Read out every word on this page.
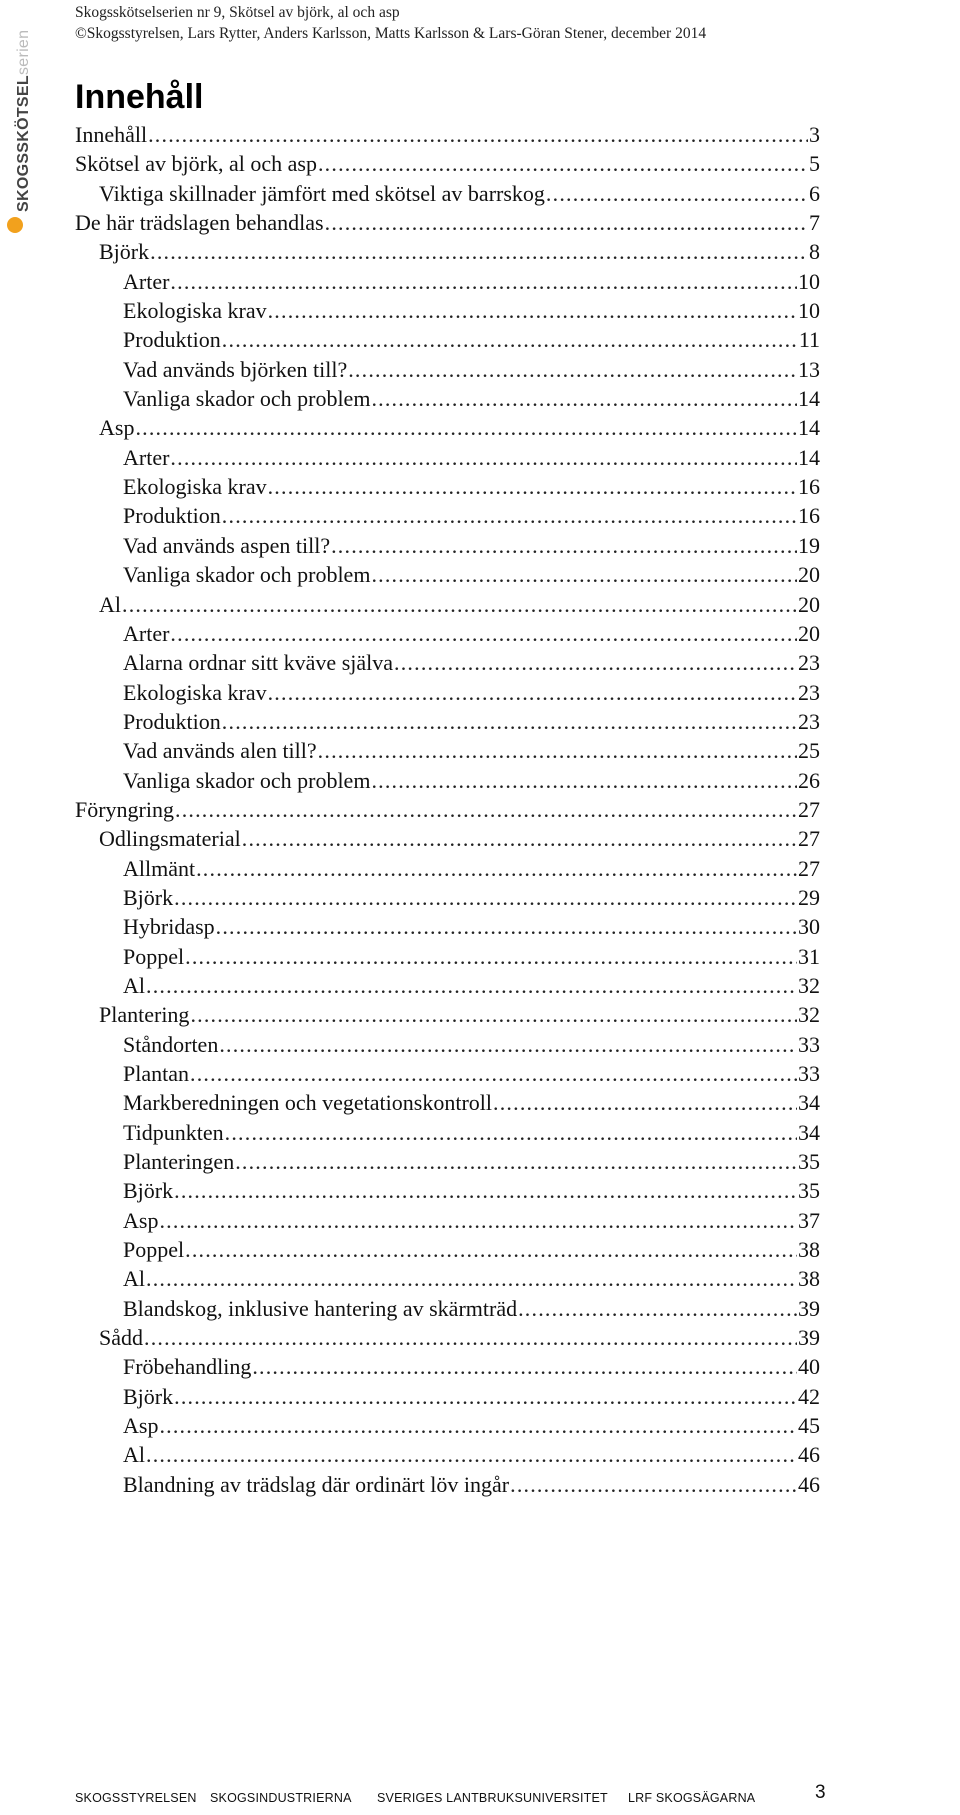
Skogsskötselserien nr 9, Skötsel av björk, al och asp
©Skogsstyrelsen, Lars Rytter, Anders Karlsson, Matts Karlsson & Lars-Göran Stener, december 2014
SKOGSSKÖTSELserien
Innehåll
Innehåll .....	3
Skötsel av björk, al och asp .....	5
Viktiga skillnader jämfört med skötsel av barrskog .....	6
De här trädslagen behandlas .....	7
Björk .....	8
Arter .....	10
Ekologiska krav .....	10
Produktion .....	11
Vad används björken till? .....	13
Vanliga skador och problem .....	14
Asp .....	14
Arter .....	14
Ekologiska krav .....	16
Produktion .....	16
Vad används aspen till? .....	19
Vanliga skador och problem .....	20
Al .....	20
Arter .....	20
Alarna ordnar sitt kväve själva .....	23
Ekologiska krav .....	23
Produktion .....	23
Vad används alen till? .....	25
Vanliga skador och problem .....	26
Föryngring .....	27
Odlingsmaterial .....	27
Allmänt .....	27
Björk .....	29
Hybridasp .....	30
Poppel .....	31
Al .....	32
Plantering .....	32
Ståndorten .....	33
Plantan .....	33
Markberedningen och vegetationskontroll .....	34
Tidpunkten .....	34
Planteringen .....	35
Björk .....	35
Asp .....	37
Poppel .....	38
Al .....	38
Blandskog, inklusive hantering av skärmträd .....	39
Sådd .....	39
Fröbehandling .....	40
Björk .....	42
Asp .....	45
Al .....	46
Blandning av trädslag där ordinärt löv ingår .....	46
SKOGSSTYRELSEN SKOGSINDUSTRIERNA SVERIGES LANTBRUKSUNIVERSITET LRF SKOGSÄGARNA	3
